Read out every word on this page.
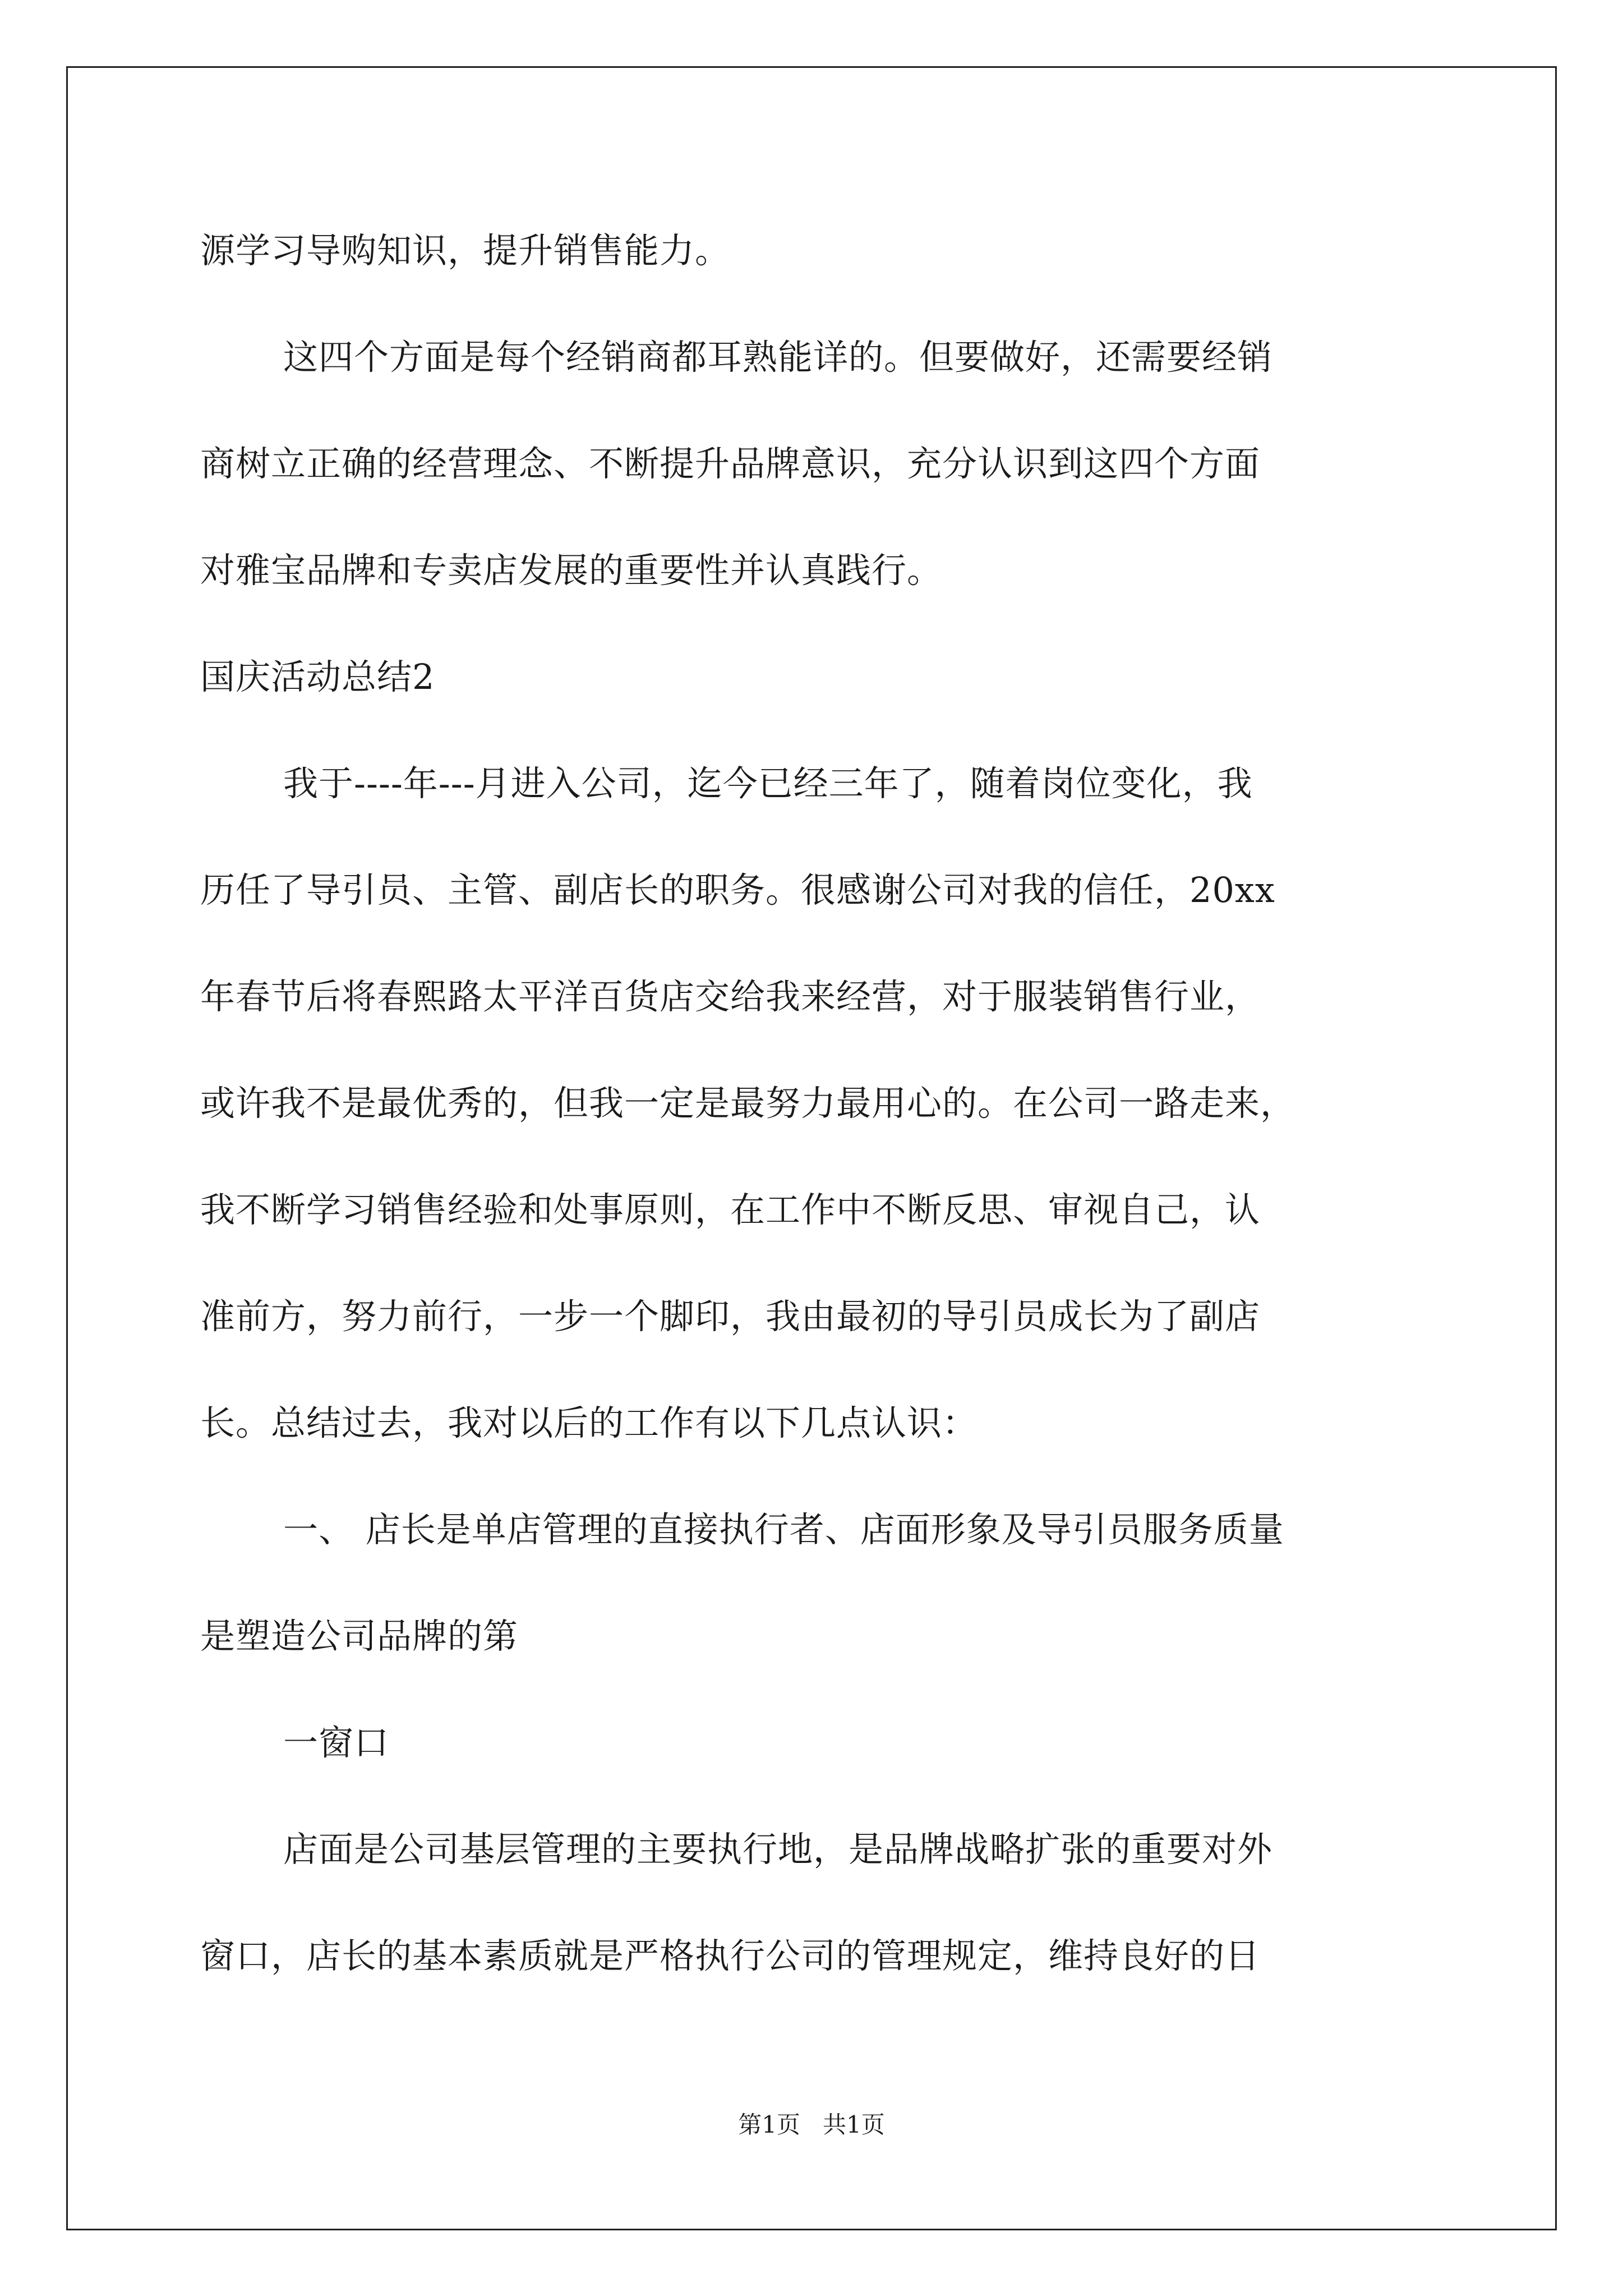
源学习导购知识，提升销售能力。
这四个方面是每个经销商都耳熟能详的。但要做好，还需要经销
商树立正确的经营理念、不断提升品牌意识，充分认识到这四个方面
对雅宝品牌和专卖店发展的重要性并认真践行。
国庆活动总结2
我于----年---月进入公司，迄今已经三年了，随着岗位变化，我
历任了导引员、主管、副店长的职务。很感谢公司对我的信任，20xx
年春节后将春熙路太平洋百货店交给我来经营，对于服装销售行业，
或许我不是最优秀的，但我一定是最努力最用心的。在公司一路走来，
我不断学习销售经验和处事原则，在工作中不断反思、审视自己，认
准前方，努力前行，一步一个脚印，我由最初的导引员成长为了副店
长。总结过去，我对以后的工作有以下几点认识：
一、 店长是单店管理的直接执行者、店面形象及导引员服务质量
是塑造公司品牌的第
一窗口
店面是公司基层管理的主要执行地，是品牌战略扩张的重要对外
窗口，店长的基本素质就是严格执行公司的管理规定，维持良好的日
第1页 共1页
